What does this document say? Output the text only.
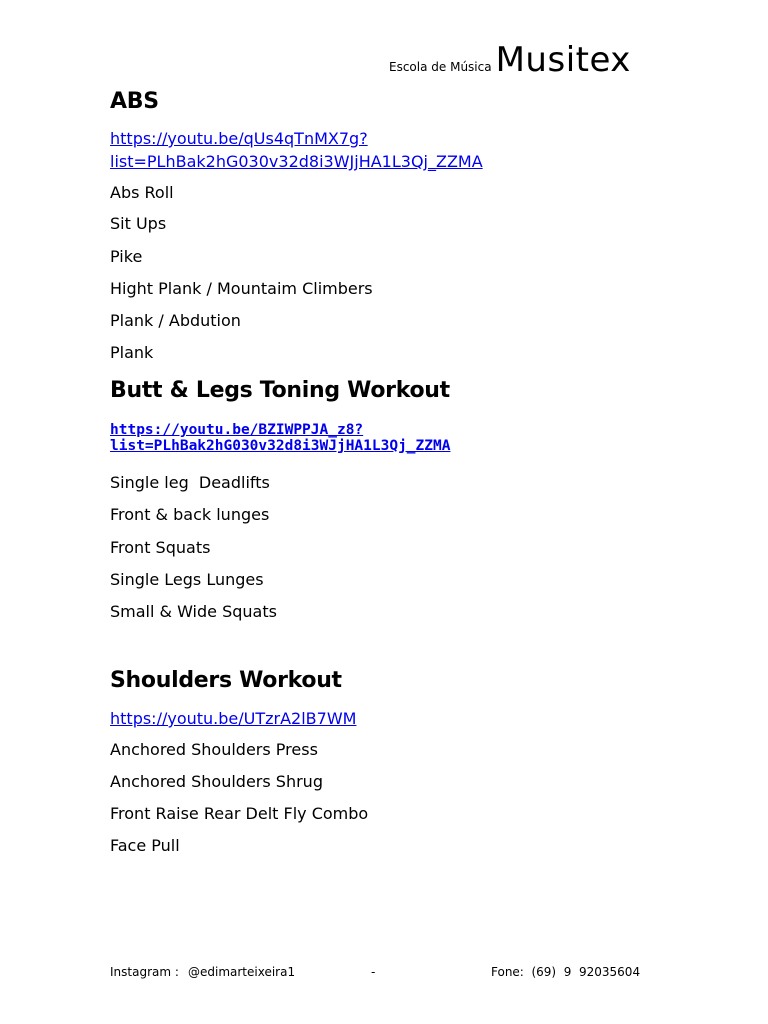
Escola de Música Musitex
ABS
https://youtu.be/qUs4qTnMX7g?
list=PLhBak2hG030v32d8i3WJjHA1L3Qj_ZZMA
Abs Roll
Sit Ups
Pike
Hight Plank / Mountaim Climbers
Plank / Abdution
Plank
Butt & Legs Toning Workout
https://youtu.be/BZIWPPJA_z8?
list=PLhBak2hG030v32d8i3WJjHA1L3Qj_ZZMA
Single leg  Deadlifts
Front & back lunges
Front Squats
Single Legs Lunges
Small & Wide Squats
Shoulders Workout
https://youtu.be/UTzrA2lB7WM
Anchored Shoulders Press
Anchored Shoulders Shrug
Front Raise Rear Delt Fly Combo
Face Pull
Instagram : @edimarteixeira1	-	Fone:  (69)  9  92035604
